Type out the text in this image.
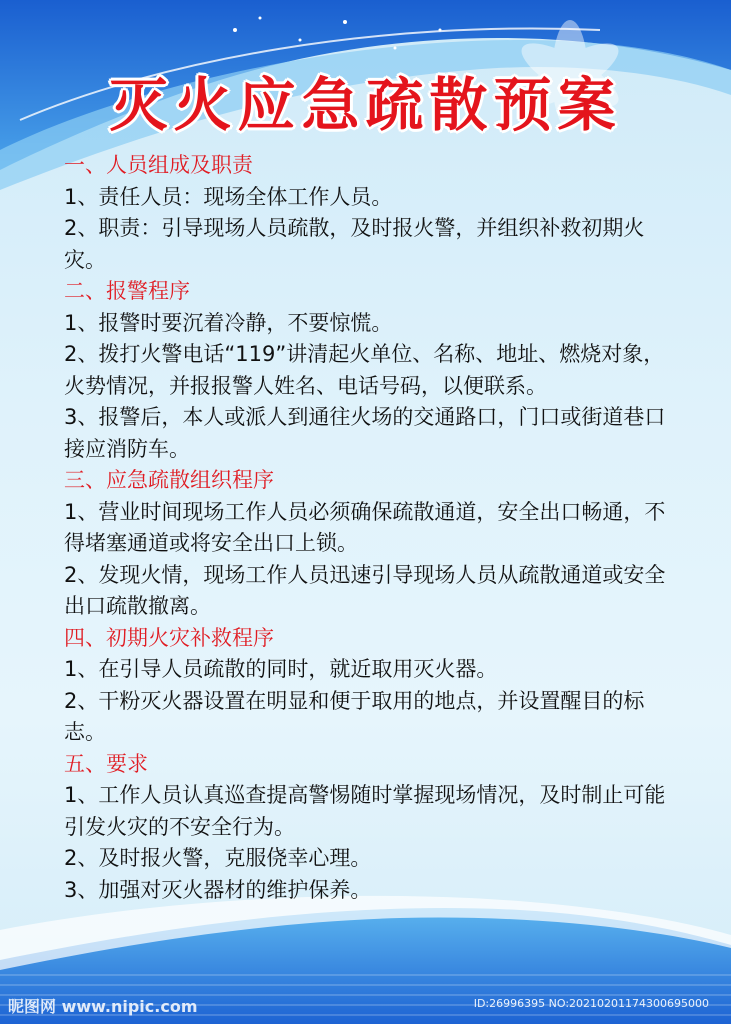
灭火应急疏散预案

一、人员组成及职责

1、责任人员：现场全体工作人员。

2、职责：引导现场人员疏散，及时报火警，并组织补救初期火灾。

二、报警程序

1、报警时要沉着冷静，不要惊慌。

2、拨打火警电话“119”讲清起火单位、名称、地址、燃烧对象，火势情况，并报报警人姓名、电话号码，以便联系。

3、报警后，本人或派人到通往火场的交通路口，门口或街道巷口接应消防车。

三、应急疏散组织程序

1、营业时间现场工作人员必须确保疏散通道，安全出口畅通，不得堵塞通道或将安全出口上锁。

2、发现火情，现场工作人员迅速引导现场人员从疏散通道或安全出口疏散撤离。

四、初期火灾补救程序

1、在引导人员疏散的同时，就近取用灭火器。

2、干粉灭火器设置在明显和便于取用的地点，并设置醒目的标志。

五、要求

1、工作人员认真巡查提高警惕随时掌握现场情况，及时制止可能引发火灾的不安全行为。

2、及时报火警，克服侥幸心理。

3、加强对灭火器材的维护保养。

昵图网 www.nipic.com	ID:26996395 NO:20210201174300695000
